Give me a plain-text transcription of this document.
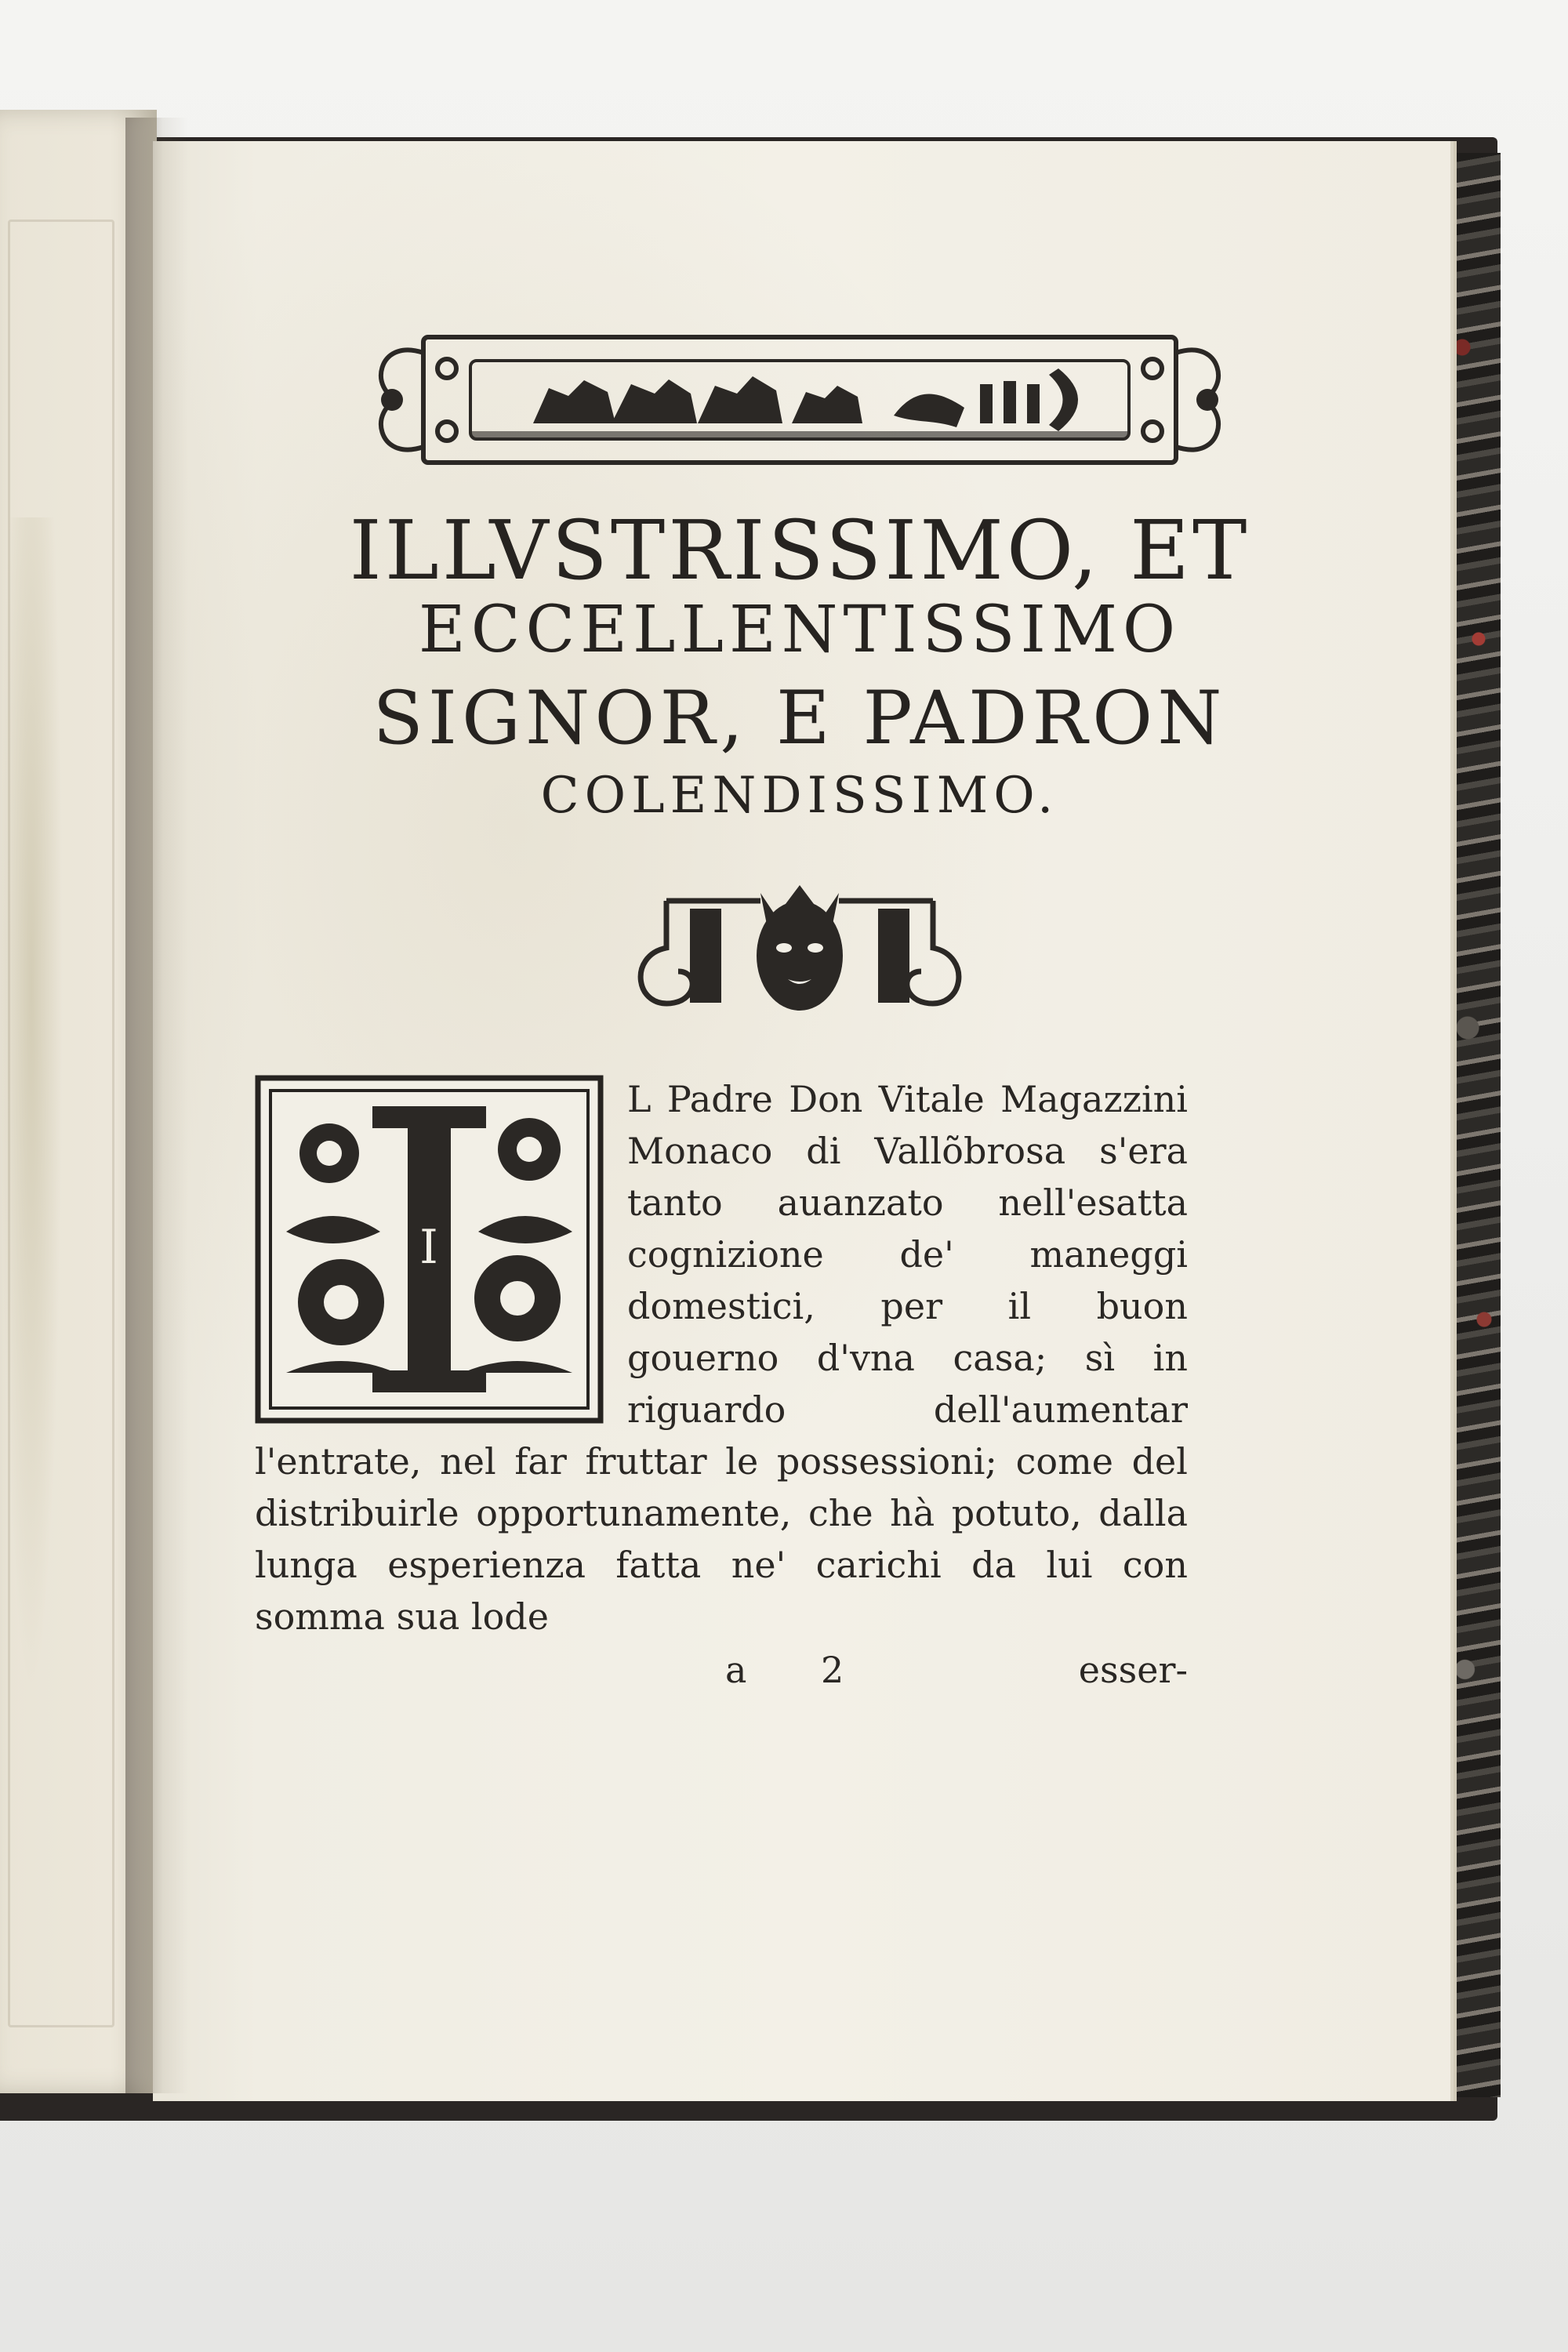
ILLVSTRISSIMO, ET
ECCELLENTISSIMO
SIGNOR, E PADRON
COLENDISSIMO.
I

L Padre Don Vitale Magazzini Monaco di Vallõbrosa s'era tanto auanzato nell'esatta cognizione de' maneggi domestici, per il buon gouerno d'vna casa; sì in riguardo dell'aumentar l'entrate, nel far fruttar le possessioni; come del distribuirle opportunamente, che hà potuto, dalla lunga esperienza fatta ne' carichi da lui con somma sua lode

a 2	esser-
